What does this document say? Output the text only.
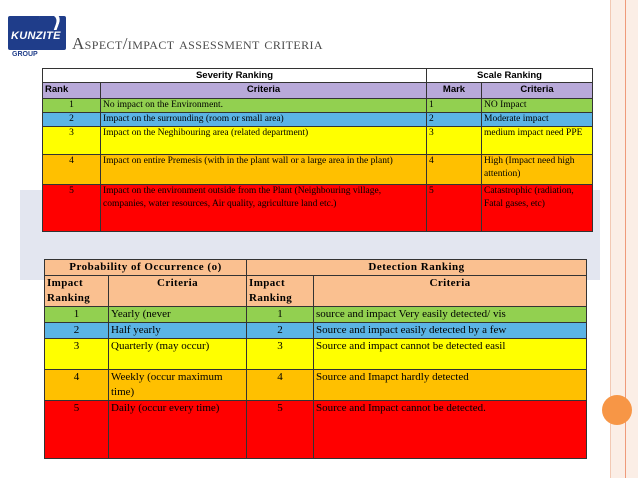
KUNZITE
GROUP
Aspect/impact assessment criteria
Severity Ranking		Scale Ranking	
Rank	Criteria	Mark	Criteria
1	No impact on the Environment.	1	NO Impact
2	Impact on the surrounding (room or small area)	2	Moderate impact
3	Impact on the Neghibouring area (related department)	3	medium impact need PPE
4	Impact on entire Premesis (with in the plant wall or a large area in the plant)	4	High (Impact need high attention)
5	Impact on the environment outside from the Plant (Neighbouring village, companies, water resources, Air quality, agriculture land etc.)	5	Catastrophic (radiation, Fatal gases, etc)
Probability of Occurrence (o)		Detection Ranking	
Impact Ranking	Criteria	Impact Ranking	Criteria
1	Yearly (never	1	source and impact Very easily detected/ vis
2	Half yearly	2	Source and impact easily detected by a few
3	Quarterly (may occur)	3	Source and impact cannot be detected easil
4	Weekly (occur maximum time)	4	Source and Imapct hardly detected
5	Daily (occur every time)	5	Source and Impact cannot be detected.
